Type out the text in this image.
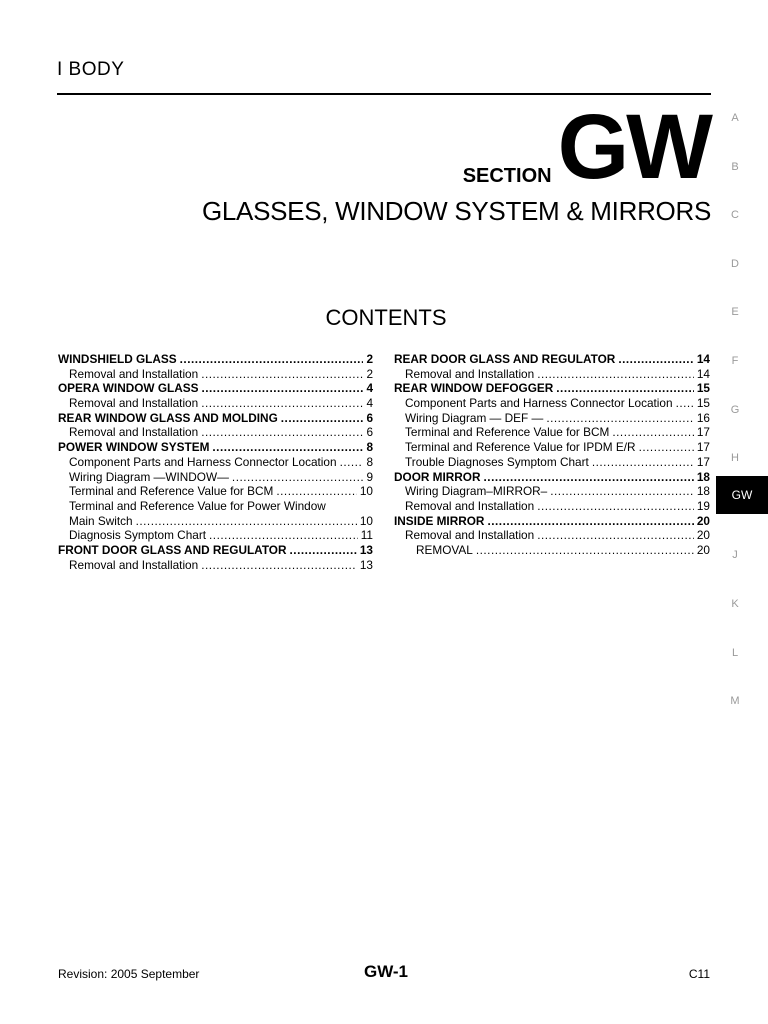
I BODY
SECTION GW
GLASSES, WINDOW SYSTEM & MIRRORS
CONTENTS
WINDSHIELD GLASS .....	2
Removal and Installation .....	2
OPERA WINDOW GLASS .....	4
Removal and Installation .....	4
REAR WINDOW GLASS AND MOLDING .....	6
Removal and Installation .....	6
POWER WINDOW SYSTEM .....	8
Component Parts and Harness Connector Location .....	8
Wiring Diagram —WINDOW— .....	9
Terminal and Reference Value for BCM .....	10
Terminal and Reference Value for Power Window
Main Switch .....	10
Diagnosis Symptom Chart .....	11
FRONT DOOR GLASS AND REGULATOR .....	13
Removal and Installation .....	13
REAR DOOR GLASS AND REGULATOR .....	14
Removal and Installation .....	14
REAR WINDOW DEFOGGER .....	15
Component Parts and Harness Connector Location ..... 15
Wiring Diagram — DEF — .....	16
Terminal and Reference Value for BCM .....	17
Terminal and Reference Value for IPDM E/R .....	17
Trouble Diagnoses Symptom Chart .....	17
DOOR MIRROR .....	18
Wiring Diagram–MIRROR– .....	18
Removal and Installation .....	19
INSIDE MIRROR .....	20
Removal and Installation .....	20
REMOVAL .....	20
A
B
C
D
E
F
G
H
GW
J
K
L
M
Revision: 2005 September	GW-1	C11
